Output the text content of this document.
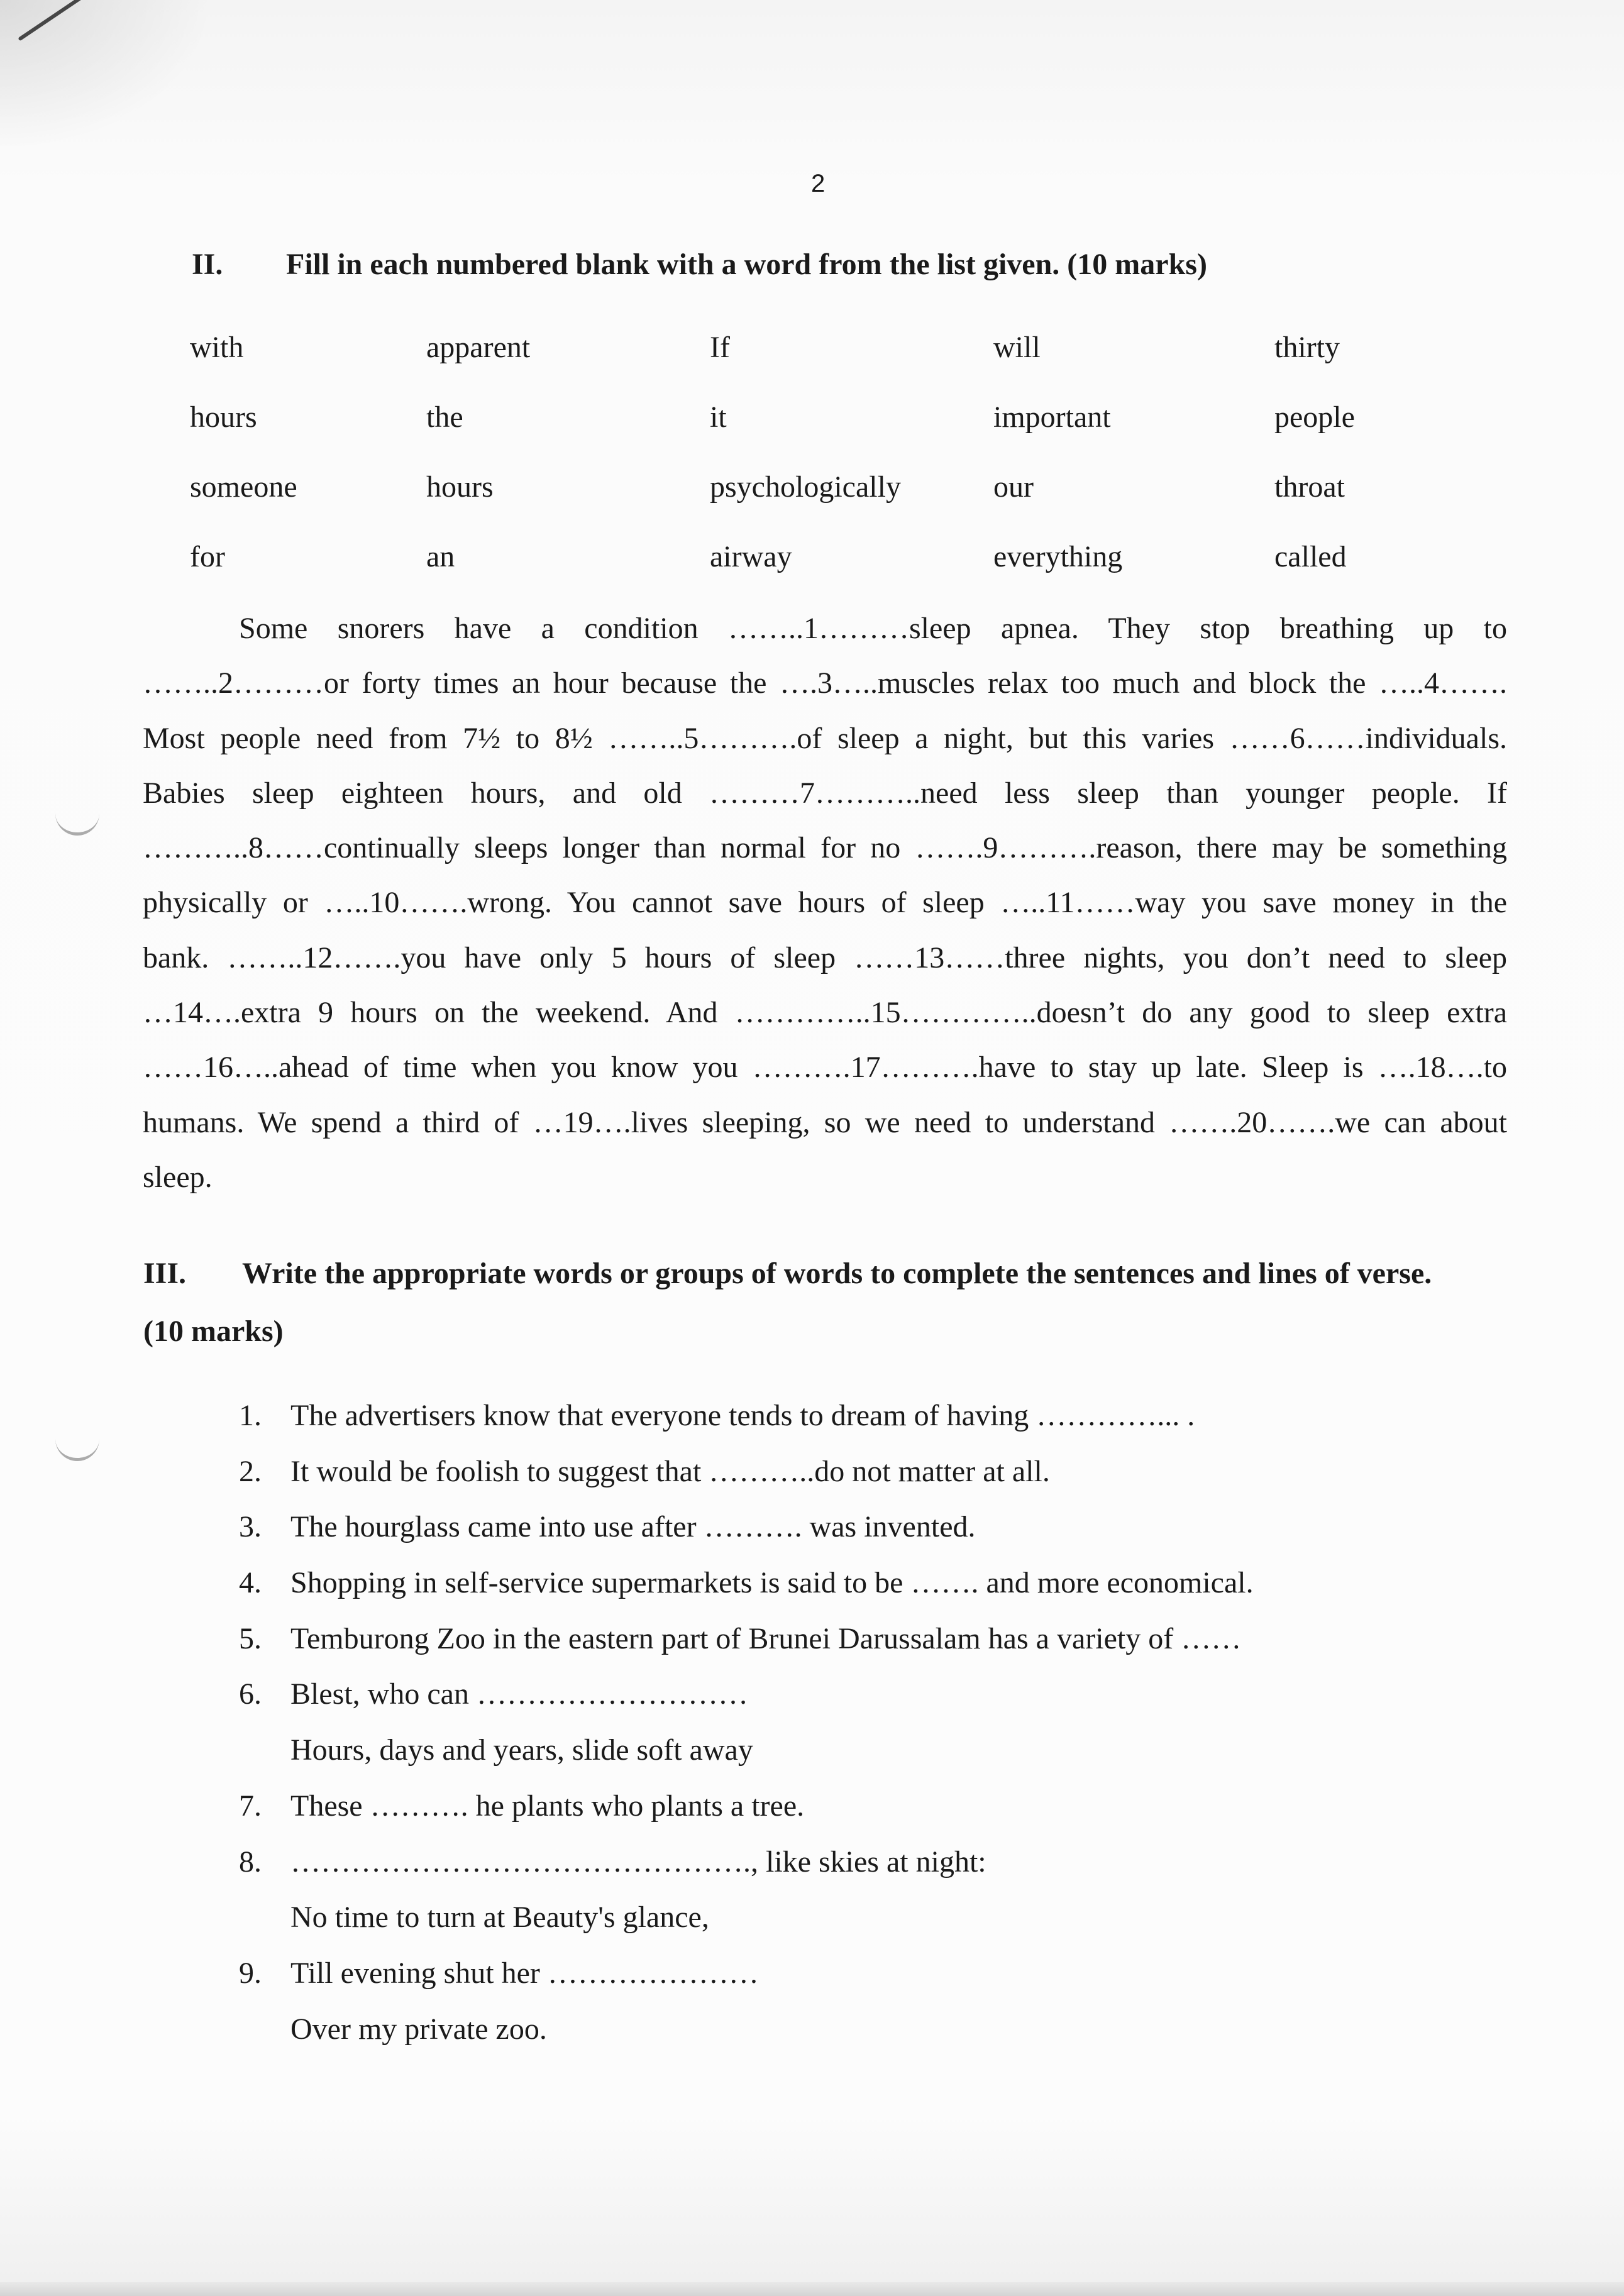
2
II. Fill in each numbered blank with a word from the list given. (10 marks)
with	apparent	If	will	thirty
hours	the	it	important	people
someone	hours	psychologically	our	throat
for	an	airway	everything	called
Some snorers have a condition ……..1………sleep apnea. They stop breathing up to
……..2………or forty times an hour because the ….3…..muscles relax too much and block the …..4…….
Most people need from 7½ to 8½ ……..5……….of sleep a night, but this varies ……6……individuals.
Babies sleep eighteen hours, and old ………7………..need less sleep than younger people. If
………..8……continually sleeps longer than normal for no …….9……….reason, there may be something
physically or …..10…….wrong. You cannot save hours of sleep …..11……way you save money in the
bank. ……..12…….you have only 5 hours of sleep ……13……three nights, you don’t need to sleep
…14….extra 9 hours on the weekend. And …………..15…………..doesn’t do any good to sleep extra
……16…..ahead of time when you know you ……….17……….have to stay up late. Sleep is ….18….to
humans. We spend a third of …19….lives sleeping, so we need to understand …….20…….we can about
sleep.
III. Write the appropriate words or groups of words to complete the sentences and lines of verse.
(10 marks)
1. The advertisers know that everyone tends to dream of having …………... .
2. It would be foolish to suggest that ………..do not matter at all.
3. The hourglass came into use after ………. was invented.
4. Shopping in self-service supermarkets is said to be ……. and more economical.
5. Temburong Zoo in the eastern part of Brunei Darussalam has a variety of ……
6. Blest, who can ………………………
Hours, days and years, slide soft away
7. These ………. he plants who plants a tree.
8. ………………………………………., like skies at night:
No time to turn at Beauty's glance,
9. Till evening shut her …………………
Over my private zoo.
